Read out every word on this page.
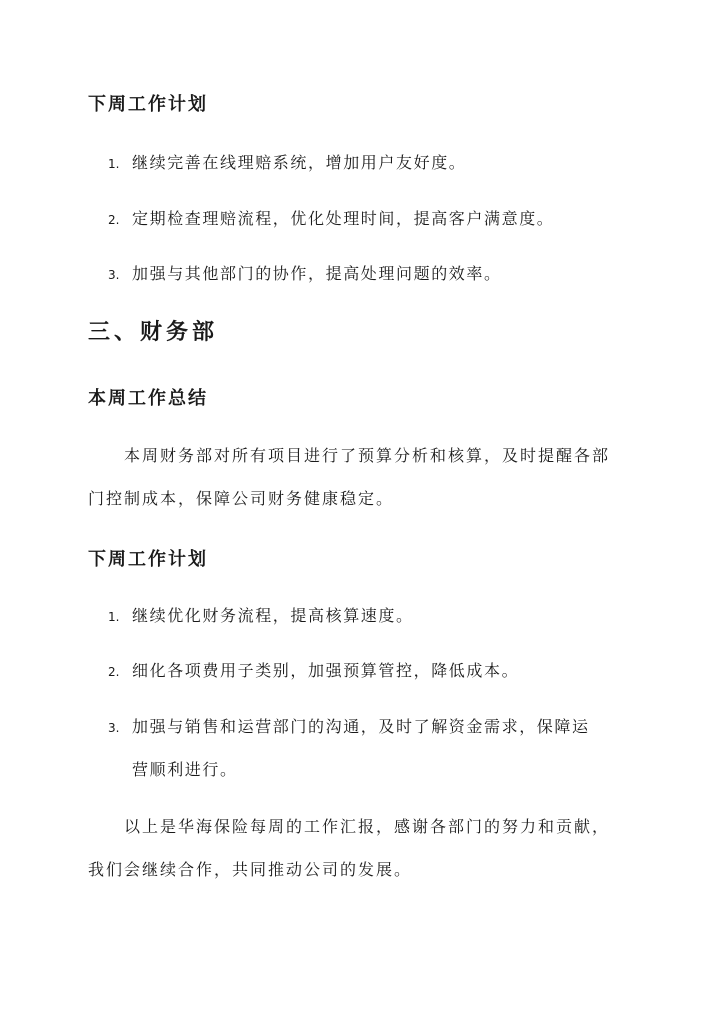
下周工作计划
1. 继续完善在线理赔系统，增加用户友好度。
2. 定期检查理赔流程，优化处理时间，提高客户满意度。
3. 加强与其他部门的协作，提高处理问题的效率。
三、财务部
本周工作总结
本周财务部对所有项目进行了预算分析和核算，及时提醒各部
门控制成本，保障公司财务健康稳定。
下周工作计划
1. 继续优化财务流程，提高核算速度。
2. 细化各项费用子类别，加强预算管控，降低成本。
3. 加强与销售和运营部门的沟通，及时了解资金需求，保障运
营顺利进行。
以上是华海保险每周的工作汇报，感谢各部门的努力和贡献，
我们会继续合作，共同推动公司的发展。
